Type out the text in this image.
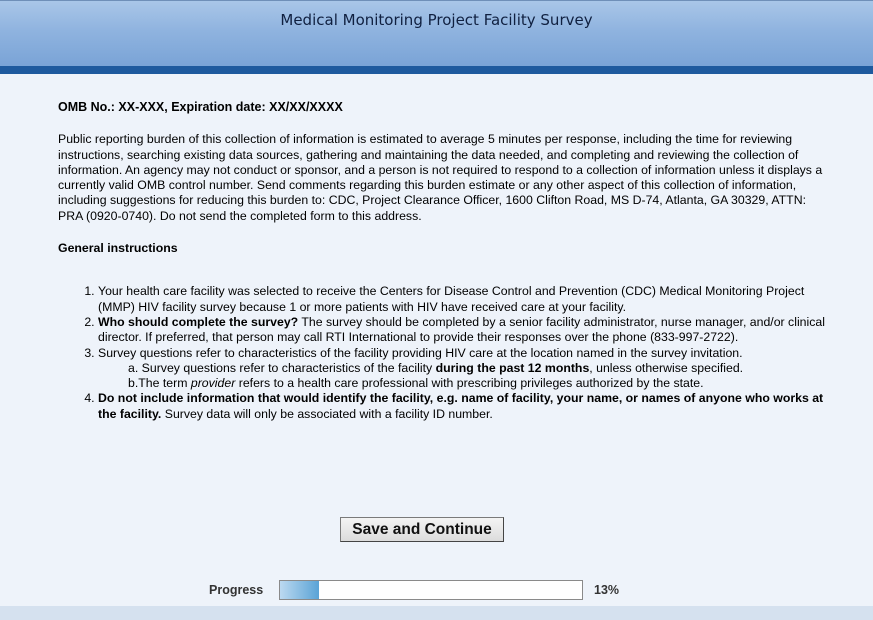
Medical Monitoring Project Facility Survey

OMB No.: XX-XXX, Expiration date: XX/XX/XXXX

Public reporting burden of this collection of information is estimated to average 5 minutes per response, including the time for reviewing instructions, searching existing data sources, gathering and maintaining the data needed, and completing and reviewing the collection of information. An agency may not conduct or sponsor, and a person is not required to respond to a collection of information unless it displays a currently valid OMB control number. Send comments regarding this burden estimate or any other aspect of this collection of information, including suggestions for reducing this burden to: CDC, Project Clearance Officer, 1600 Clifton Road, MS D-74, Atlanta, GA 30329, ATTN: PRA (0920-0740). Do not send the completed form to this address.

General instructions

1. Your health care facility was selected to receive the Centers for Disease Control and Prevention (CDC) Medical Monitoring Project (MMP) HIV facility survey because 1 or more patients with HIV have received care at your facility.
2. Who should complete the survey? The survey should be completed by a senior facility administrator, nurse manager, and/or clinical director. If preferred, that person may call RTI International to provide their responses over the phone (833-997-2722).
3. Survey questions refer to characteristics of the facility providing HIV care at the location named in the survey invitation.
a. Survey questions refer to characteristics of the facility during the past 12 months, unless otherwise specified.
b.The term provider refers to a health care professional with prescribing privileges authorized by the state.
4. Do not include information that would identify the facility, e.g. name of facility, your name, or names of anyone who works at the facility. Survey data will only be associated with a facility ID number.
Save and Continue
Progress	13%
